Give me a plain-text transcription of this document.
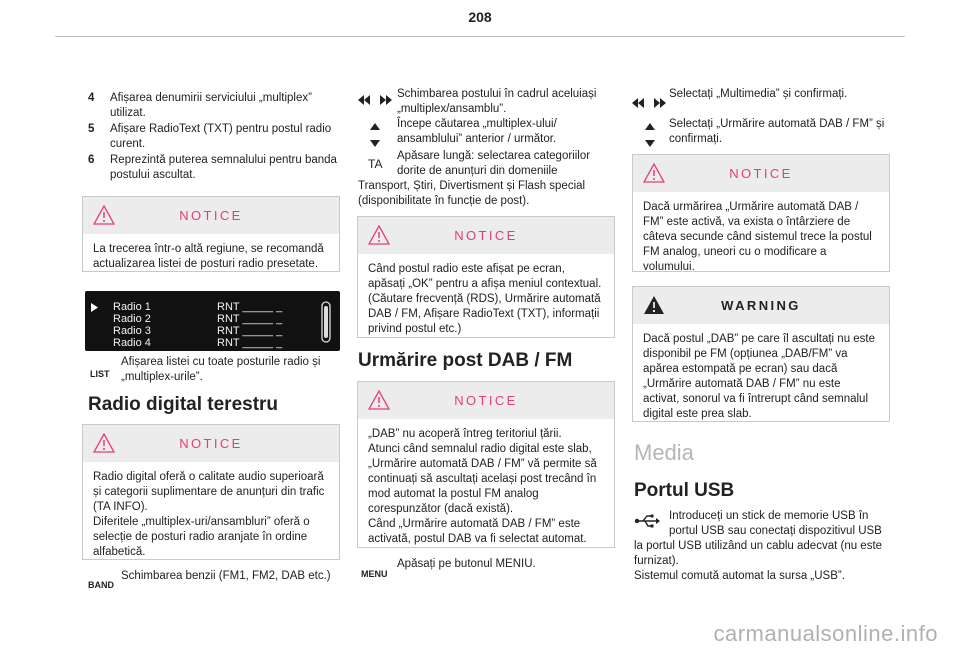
208
4 Afișarea denumirii serviciului „multiplex” utilizat.
5 Afișare RadioText (TXT) pentru postul radio curent.
6 Reprezintă puterea semnalului pentru banda postului ascultat.
NOTICE
La trecerea într-o altă regiune, se recomandă actualizarea listei de posturi radio presetate.
Radio 1	RNT _____ _
Radio 2	RNT _____ _
Radio 3	RNT _____ _
Radio 4	RNT _____ _
LIST
Afișarea listei cu toate posturile radio și „multiplex-urile”.
Radio digital terestru
NOTICE
Radio digital oferă o calitate audio superioară și categorii suplimentare de anunțuri din trafic (TA INFO).
Diferitele „multiplex-uri/ansambluri” oferă o selecție de posturi radio aranjate în ordine alfabetică.
BAND
Schimbarea benzii (FM1, FM2, DAB etc.)
Schimbarea postului în cadrul aceluiași „multiplex/ansamblu”.
Începe căutarea „multiplex-ului/ ansamblului” anterior / următor.
TA
Apăsare lungă: selectarea categoriilor
dorite de anunțuri din domeniile
Transport, Știri, Divertisment și Flash special (disponibilitate în funcție de post).
NOTICE
Când postul radio este afișat pe ecran, apăsați „OK” pentru a afișa meniul contextual. (Căutare frecvență (RDS), Urmărire automată DAB / FM, Afișare RadioText (TXT), informații privind postul etc.)
Urmărire post DAB / FM
NOTICE
„DAB” nu acoperă întreg teritoriul țării.
Atunci când semnalul radio digital este slab, „Urmărire automată DAB / FM” vă permite să continuați să ascultați același post trecând în mod automat la postul FM analog corespunzător (dacă există).
Când „Urmărire automată DAB / FM” este activată, postul DAB va fi selectat automat.
MENU
Apăsați pe butonul MENIU.
Selectați „Multimedia” și confirmați.
Selectați „Urmărire automată DAB / FM” și confirmați.
NOTICE
Dacă urmărirea „Urmărire automată DAB / FM” este activă, va exista o întârziere de câteva secunde când sistemul trece la postul FM analog, uneori cu o modificare a volumului.
WARNING
Dacă postul „DAB” pe care îl ascultați nu este disponibil pe FM (opțiunea „DAB/FM” va apărea estompată pe ecran) sau dacă „Urmărire automată DAB / FM” nu este activat, sonorul va fi întrerupt când semnalul digital este prea slab.
Media
Portul USB
Introduceți un stick de memorie USB în
portul USB sau conectați dispozitivul USB
la portul USB utilizând un cablu adecvat (nu este furnizat).
Sistemul comută automat la sursa „USB”.
carmanualsonline.info
